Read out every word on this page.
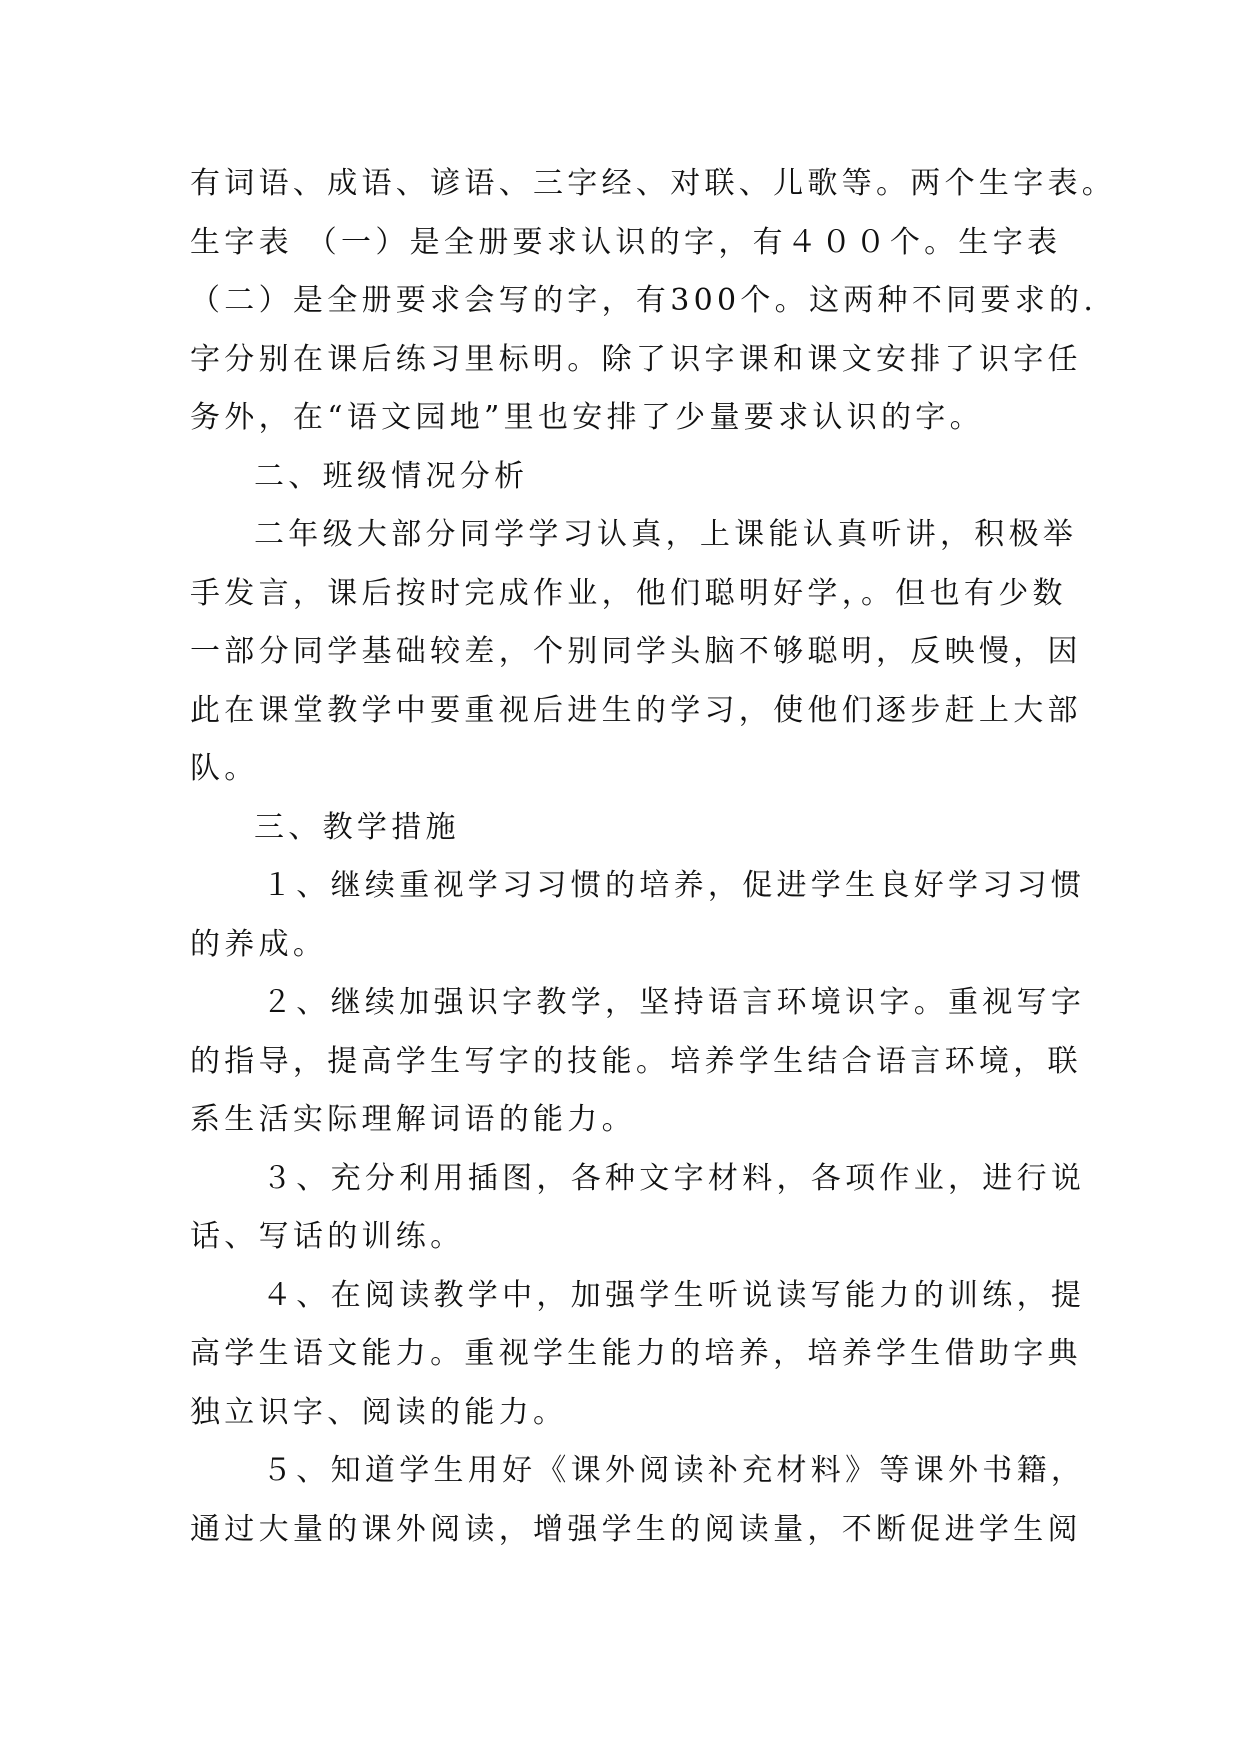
有词语、成语、谚语、三字经、对联、儿歌等。两个生字表。
生字表 （一）是全册要求认识的字，有４００个。生字表
（二）是全册要求会写的字，有300个。这两种不同要求的.
字分别在课后练习里标明。除了识字课和课文安排了识字任
务外，在“语文园地”里也安排了少量要求认识的字。
二、班级情况分析
二年级大部分同学学习认真，上课能认真听讲，积极举
手发言，课后按时完成作业，他们聪明好学，。但也有少数
一部分同学基础较差，个别同学头脑不够聪明，反映慢，因
此在课堂教学中要重视后进生的学习，使他们逐步赶上大部
队。
三、教学措施
１、继续重视学习习惯的培养，促进学生良好学习习惯
的养成。
２、继续加强识字教学，坚持语言环境识字。重视写字
的指导，提高学生写字的技能。培养学生结合语言环境，联
系生活实际理解词语的能力。
３、充分利用插图，各种文字材料，各项作业，进行说
话、写话的训练。
４、在阅读教学中，加强学生听说读写能力的训练，提
高学生语文能力。重视学生能力的培养，培养学生借助字典
独立识字、阅读的能力。
５、知道学生用好《课外阅读补充材料》等课外书籍，
通过大量的课外阅读，增强学生的阅读量，不断促进学生阅
